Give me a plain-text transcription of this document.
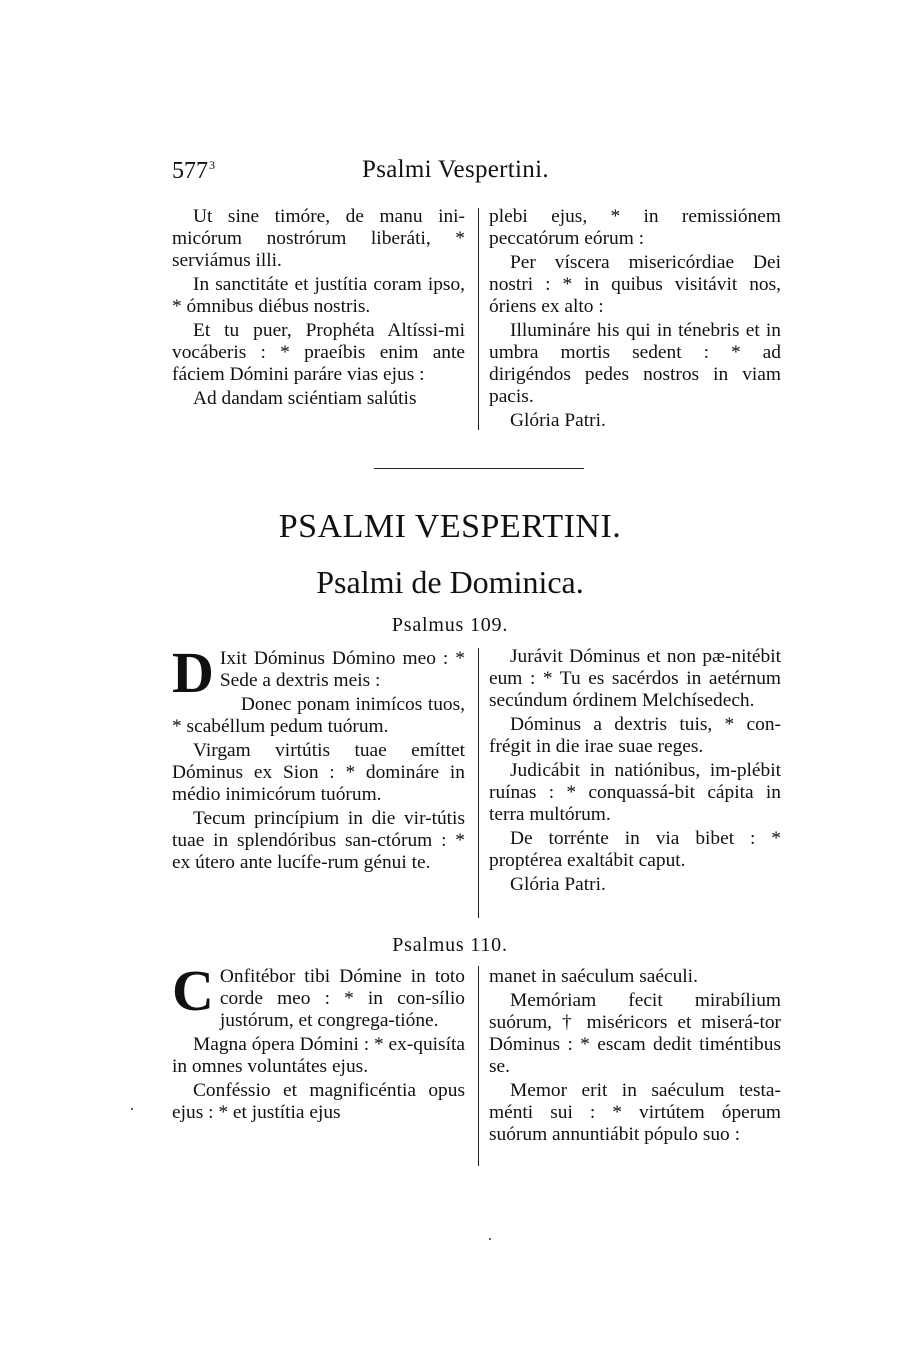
$577^3$	Psalmi Vespertini.

Ut sine timóre, de manu ini-micórum nostrórum liberáti, * serviámus illi.

In sanctitáte et justítia coram ipso, * ómnibus diébus nostris.

Et tu puer, Prophéta Altíssi-mi vocáberis : * praeíbis enim ante fáciem Dómini paráre vias ejus :

Ad dandam sciéntiam salútis

plebi ejus, * in remissiónem peccatórum eórum :

Per víscera misericórdiae Dei nostri : * in quibus visitávit nos, óriens ex alto :

Illumináre his qui in ténebris et in umbra mortis sedent : * ad dirigéndos pedes nostros in viam pacis.

Glória Patri.

PSALMI VESPERTINI.
Psalmi de Dominica.
Psalmus 109.

D Ixit Dóminus Dómino meo : * Sede a dextris meis :

Donec ponam inimícos tuos, * scabéllum pedum tuórum.

Virgam virtútis tuae emíttet Dóminus ex Sion : * domináre in médio inimicórum tuórum.

Tecum princípium in die vir-tútis tuae in splendóribus san-ctórum : * ex útero ante lucífe-rum génui te.

Jurávit Dóminus et non pæ-nitébit eum : * Tu es sacérdos in aetérnum secúndum órdinem Melchísedech.

Dóminus a dextris tuis, * con-frégit in die irae suae reges.

Judicábit in natiónibus, im-plébit ruínas : * conquassá-bit cápita in terra multórum.

De torrénte in via bibet : * proptérea exaltábit caput.

Glória Patri.

Psalmus 110.

C Onfitébor tibi Dómine in toto corde meo : * in con-sílio justórum, et congrega-tióne.

Magna ópera Dómini : * ex-quisíta in omnes voluntátes ejus.

Conféssio et magnificéntia opus ejus : * et justítia ejus

manet in saéculum saéculi.

Memóriam fecit mirabílium suórum, † miséricors et miserá-tor Dóminus : * escam dedit timéntibus se.

Memor erit in saéculum testa-ménti sui : * virtútem óperum suórum annuntiábit pópulo suo :
